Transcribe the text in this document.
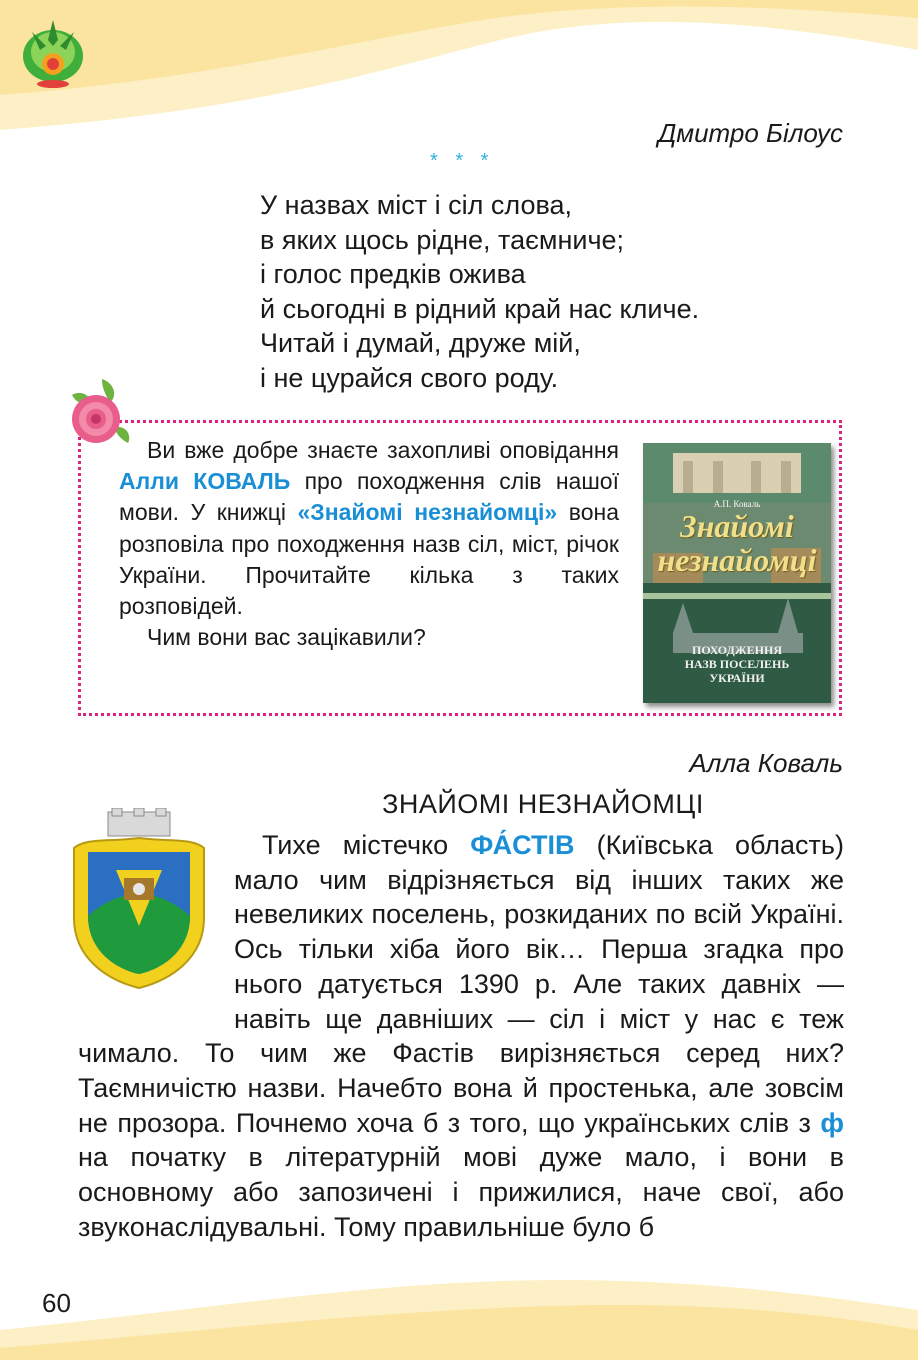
Дмитро Білоус
* * *
У назвах міст і сіл слова,
в яких щось рідне, таємниче;
і голос предків ожива
й сьогодні в рідний край нас кличе.
Читай і думай, друже мій,
і не цурайся свого роду.

Ви вже добре знаєте захопливі оповідання Алли КОВАЛЬ про походження слів нашої мови. У книжці «Знайомі незнайомці» вона розповіла про походження назв сіл, міст, річок України. Прочитайте кілька з таких розповідей.

Чим вони вас зацікавили?

А.П. Коваль
Знайомі
незнайомці
ПОХОДЖЕННЯ
НАЗВ ПОСЕЛЕНЬ
УКРАЇНИ
Алла Коваль
ЗНАЙОМІ НЕЗНАЙОМЦІ
Тихе містечко ФА́СТІВ (Київська область) мало чим відрізняється від інших таких же невеликих поселень, розкиданих по всій Україні. Ось тільки хіба його вік… Перша згадка про нього датується 1390 р. Але таких давніх — навіть ще давніших — сіл і міст у нас є теж чимало. То чим же Фастів вирізняється серед них? Таємничістю назви. Начебто вона й простенька, але зовсім не прозора. Почнемо хоча б з того, що українських слів з ф на початку в літературній мові дуже мало, і вони в основному або запозичені і прижилися, наче свої, або звуконаслідувальні. Тому правильніше було б
60
